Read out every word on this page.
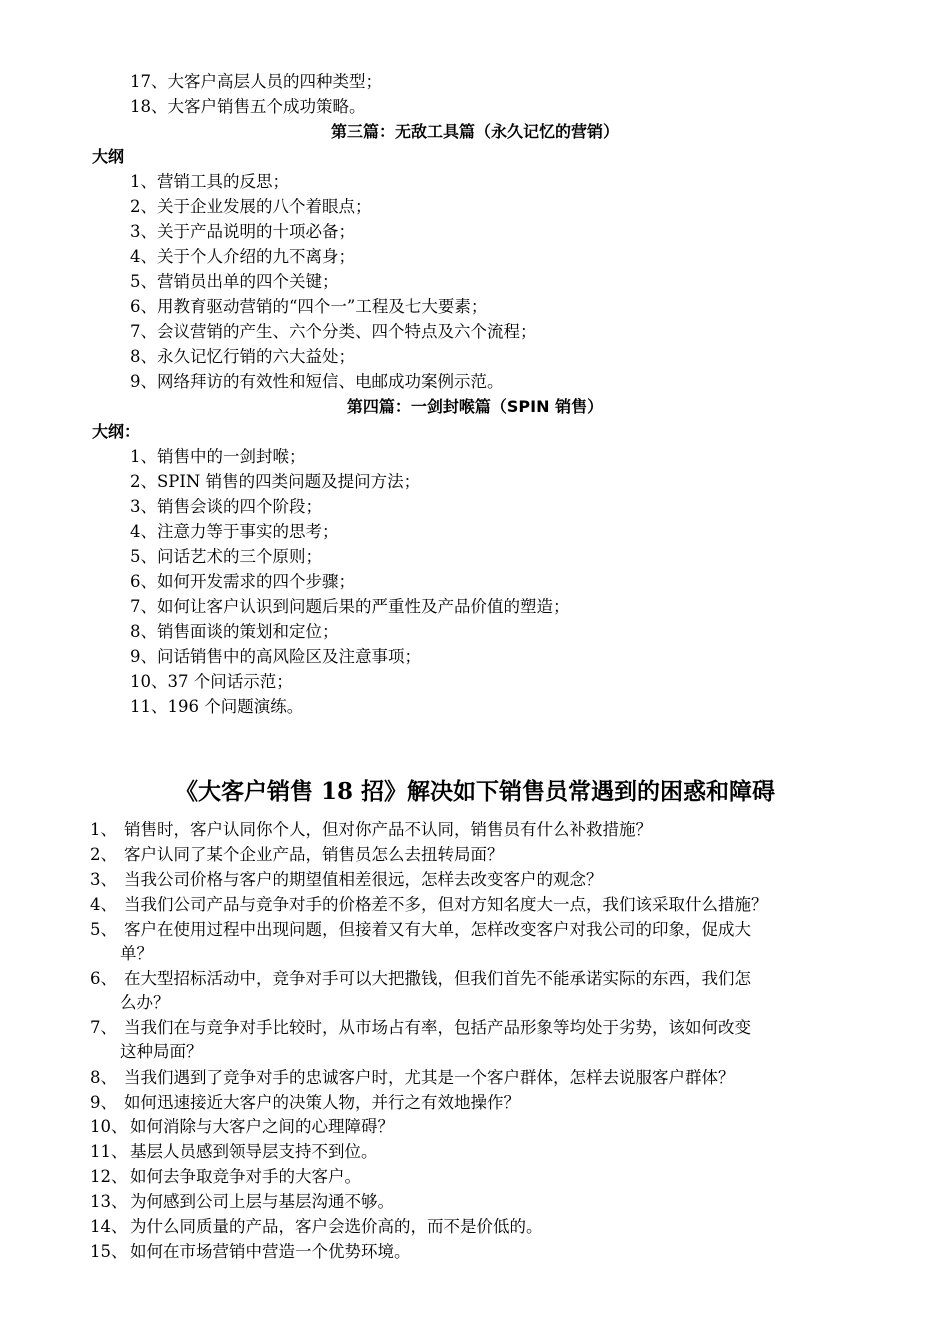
17、大客户高层人员的四种类型；
18、大客户销售五个成功策略。
第三篇：无敌工具篇（永久记忆的营销）
大纲
1、营销工具的反思；
2、关于企业发展的八个着眼点；
3、关于产品说明的十项必备；
4、关于个人介绍的九不离身；
5、营销员出单的四个关键；
6、用教育驱动营销的“四个一”工程及七大要素；
7、会议营销的产生、六个分类、四个特点及六个流程；
8、永久记忆行销的六大益处；
9、网络拜访的有效性和短信、电邮成功案例示范。
第四篇：一剑封喉篇（SPIN 销售）
大纲：
1、销售中的一剑封喉；
2、SPIN 销售的四类问题及提问方法；
3、销售会谈的四个阶段；
4、注意力等于事实的思考；
5、问话艺术的三个原则；
6、如何开发需求的四个步骤；
7、如何让客户认识到问题后果的严重性及产品价值的塑造；
8、销售面谈的策划和定位；
9、问话销售中的高风险区及注意事项；
10、37 个问话示范；
11、196 个问题演练。
《大客户销售 18 招》解决如下销售员常遇到的困惑和障碍
1、 销售时，客户认同你个人，但对你产品不认同，销售员有什么补救措施？
2、 客户认同了某个企业产品，销售员怎么去扭转局面？
3、 当我公司价格与客户的期望值相差很远，怎样去改变客户的观念？
4、 当我们公司产品与竞争对手的价格差不多，但对方知名度大一点，我们该采取什么措施？
5、 客户在使用过程中出现问题，但接着又有大单，怎样改变客户对我公司的印象，促成大
单？
6、 在大型招标活动中，竞争对手可以大把撒钱，但我们首先不能承诺实际的东西，我们怎
么办？
7、 当我们在与竞争对手比较时，从市场占有率，包括产品形象等均处于劣势，该如何改变
这种局面？
8、 当我们遇到了竞争对手的忠诚客户时，尤其是一个客户群体，怎样去说服客户群体？
9、 如何迅速接近大客户的决策人物，并行之有效地操作？
10、 如何消除与大客户之间的心理障碍？
11、 基层人员感到领导层支持不到位。
12、 如何去争取竞争对手的大客户。
13、 为何感到公司上层与基层沟通不够。
14、 为什么同质量的产品，客户会选价高的，而不是价低的。
15、 如何在市场营销中营造一个优势环境。
